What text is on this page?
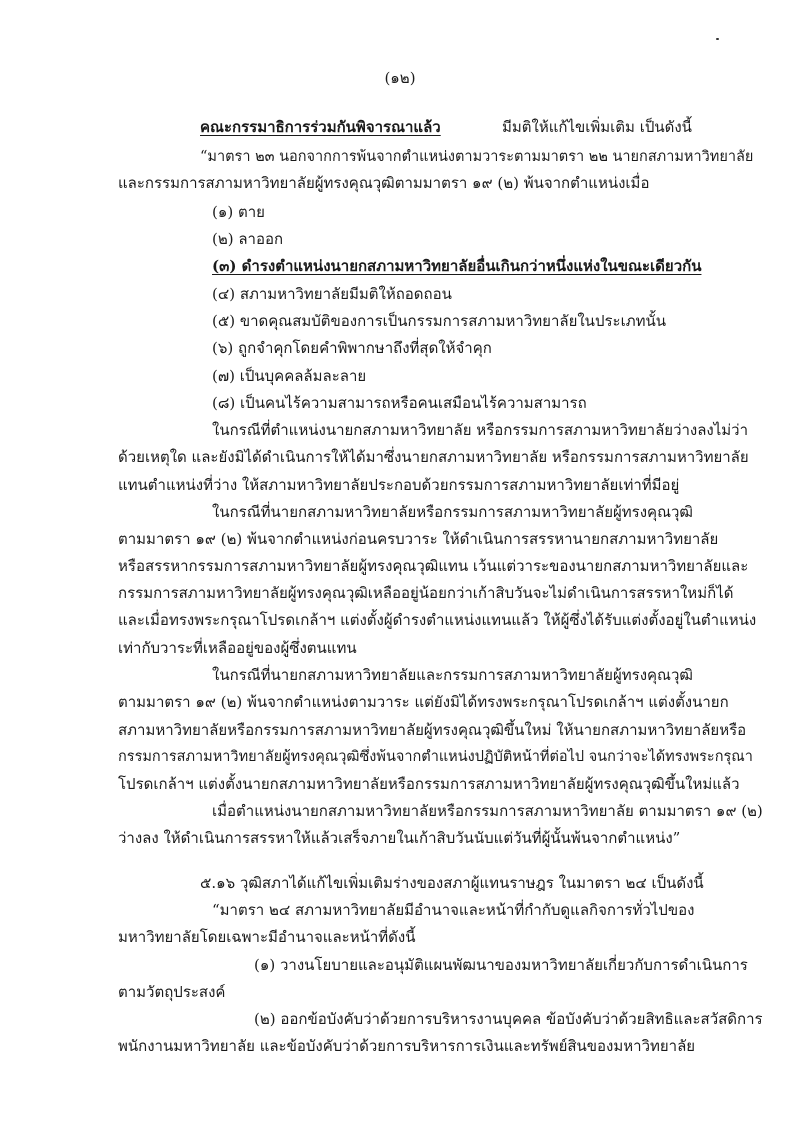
(๑๒)
คณะกรรมาธิการร่วมกันพิจารณาแล้ว	มีมติให้แก้ไขเพิ่มเติม เป็นดังนี้
“มาตรา ๒๓ นอกจากการพ้นจากตำแหน่งตามวาระตามมาตรา ๒๒ นายกสภามหาวิทยาลัย
และกรรมการสภามหาวิทยาลัยผู้ทรงคุณวุฒิตามมาตรา ๑๙ (๒) พ้นจากตำแหน่งเมื่อ
(๑) ตาย
(๒) ลาออก
(๓) ดำรงตำแหน่งนายกสภามหาวิทยาลัยอื่นเกินกว่าหนึ่งแห่งในขณะเดียวกัน
(๔) สภามหาวิทยาลัยมีมติให้ถอดถอน
(๕) ขาดคุณสมบัติของการเป็นกรรมการสภามหาวิทยาลัยในประเภทนั้น
(๖) ถูกจำคุกโดยคำพิพากษาถึงที่สุดให้จำคุก
(๗) เป็นบุคคลล้มละลาย
(๘) เป็นคนไร้ความสามารถหรือคนเสมือนไร้ความสามารถ
ในกรณีที่ตำแหน่งนายกสภามหาวิทยาลัย หรือกรรมการสภามหาวิทยาลัยว่างลงไม่ว่า
ด้วยเหตุใด และยังมิได้ดำเนินการให้ได้มาซึ่งนายกสภามหาวิทยาลัย หรือกรรมการสภามหาวิทยาลัย
แทนตำแหน่งที่ว่าง ให้สภามหาวิทยาลัยประกอบด้วยกรรมการสภามหาวิทยาลัยเท่าที่มีอยู่
ในกรณีที่นายกสภามหาวิทยาลัยหรือกรรมการสภามหาวิทยาลัยผู้ทรงคุณวุฒิ
ตามมาตรา ๑๙ (๒) พ้นจากตำแหน่งก่อนครบวาระ ให้ดำเนินการสรรหานายกสภามหาวิทยาลัย
หรือสรรหากรรมการสภามหาวิทยาลัยผู้ทรงคุณวุฒิแทน เว้นแต่วาระของนายกสภามหาวิทยาลัยและ
กรรมการสภามหาวิทยาลัยผู้ทรงคุณวุฒิเหลืออยู่น้อยกว่าเก้าสิบวันจะไม่ดำเนินการสรรหาใหม่ก็ได้
และเมื่อทรงพระกรุณาโปรดเกล้าฯ แต่งตั้งผู้ดำรงตำแหน่งแทนแล้ว ให้ผู้ซึ่งได้รับแต่งตั้งอยู่ในตำแหน่ง
เท่ากับวาระที่เหลืออยู่ของผู้ซึ่งตนแทน
ในกรณีที่นายกสภามหาวิทยาลัยและกรรมการสภามหาวิทยาลัยผู้ทรงคุณวุฒิ
ตามมาตรา ๑๙ (๒) พ้นจากตำแหน่งตามวาระ แต่ยังมิได้ทรงพระกรุณาโปรดเกล้าฯ แต่งตั้งนายก
สภามหาวิทยาลัยหรือกรรมการสภามหาวิทยาลัยผู้ทรงคุณวุฒิขึ้นใหม่ ให้นายกสภามหาวิทยาลัยหรือ
กรรมการสภามหาวิทยาลัยผู้ทรงคุณวุฒิซึ่งพ้นจากตำแหน่งปฏิบัติหน้าที่ต่อไป จนกว่าจะได้ทรงพระกรุณา
โปรดเกล้าฯ แต่งตั้งนายกสภามหาวิทยาลัยหรือกรรมการสภามหาวิทยาลัยผู้ทรงคุณวุฒิขึ้นใหม่แล้ว
เมื่อตำแหน่งนายกสภามหาวิทยาลัยหรือกรรมการสภามหาวิทยาลัย ตามมาตรา ๑๙ (๒)
ว่างลง ให้ดำเนินการสรรหาให้แล้วเสร็จภายในเก้าสิบวันนับแต่วันที่ผู้นั้นพ้นจากตำแหน่ง”
๕.๑๖ วุฒิสภาได้แก้ไขเพิ่มเติมร่างของสภาผู้แทนราษฎร ในมาตรา ๒๔ เป็นดังนี้
“มาตรา ๒๔ สภามหาวิทยาลัยมีอำนาจและหน้าที่กำกับดูแลกิจการทั่วไปของ
มหาวิทยาลัยโดยเฉพาะมีอำนาจและหน้าที่ดังนี้
(๑) วางนโยบายและอนุมัติแผนพัฒนาของมหาวิทยาลัยเกี่ยวกับการดำเนินการ
ตามวัตถุประสงค์
(๒) ออกข้อบังคับว่าด้วยการบริหารงานบุคคล ข้อบังคับว่าด้วยสิทธิและสวัสดิการ
พนักงานมหาวิทยาลัย และข้อบังคับว่าด้วยการบริหารการเงินและทรัพย์สินของมหาวิทยาลัย
